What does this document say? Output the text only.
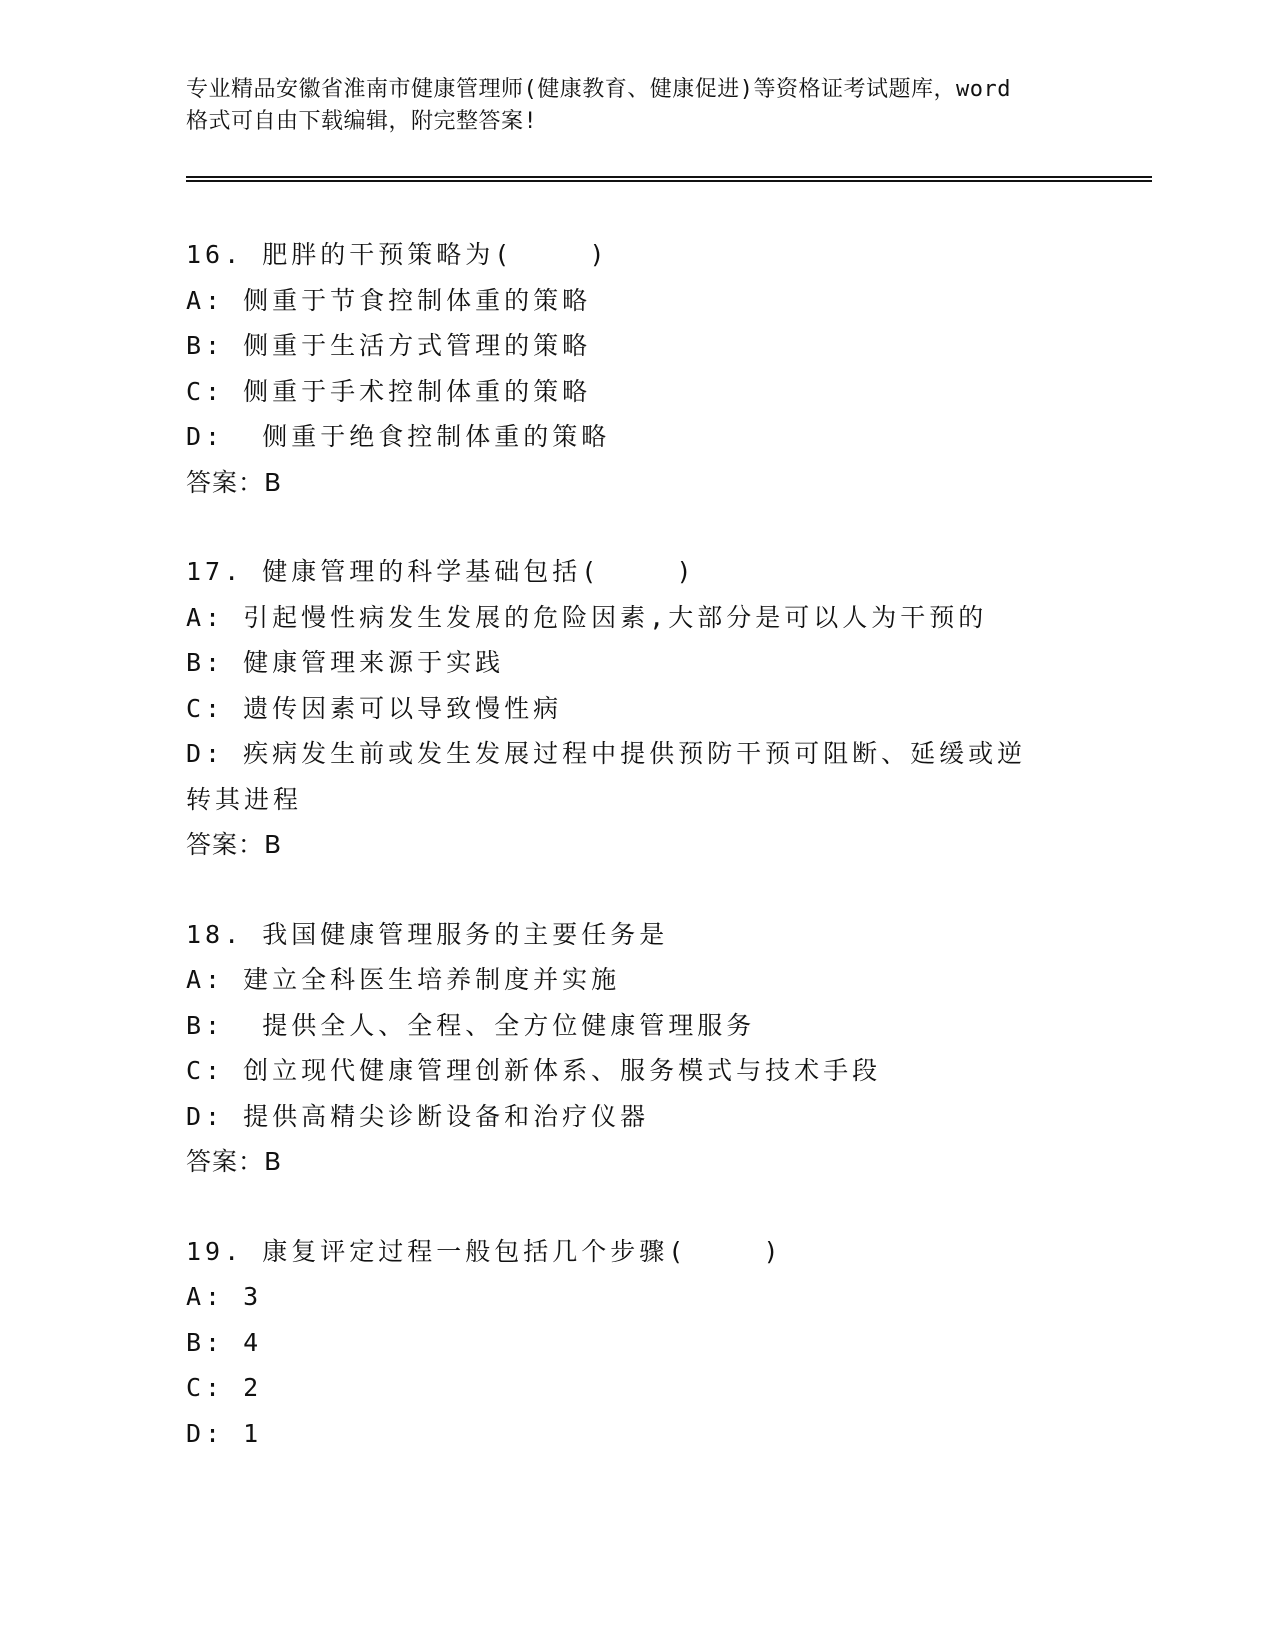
专业精品安徽省淮南市健康管理师(健康教育、健康促进)等资格证考试题库，word
格式可自由下载编辑，附完整答案!

16. 肥胖的干预策略为(    )

A: 侧重于节食控制体重的策略

B: 侧重于生活方式管理的策略

C: 侧重于手术控制体重的策略

D:  侧重于绝食控制体重的策略

答案：B

17. 健康管理的科学基础包括(    )

A: 引起慢性病发生发展的危险因素,大部分是可以人为干预的

B: 健康管理来源于实践

C: 遗传因素可以导致慢性病

D: 疾病发生前或发生发展过程中提供预防干预可阻断、延缓或逆转其进程

答案：B

18. 我国健康管理服务的主要任务是

A: 建立全科医生培养制度并实施

B:  提供全人、全程、全方位健康管理服务

C: 创立现代健康管理创新体系、服务模式与技术手段

D: 提供高精尖诊断设备和治疗仪器

答案：B

19. 康复评定过程一般包括几个步骤(    )

A: 3

B: 4

C: 2

D: 1
